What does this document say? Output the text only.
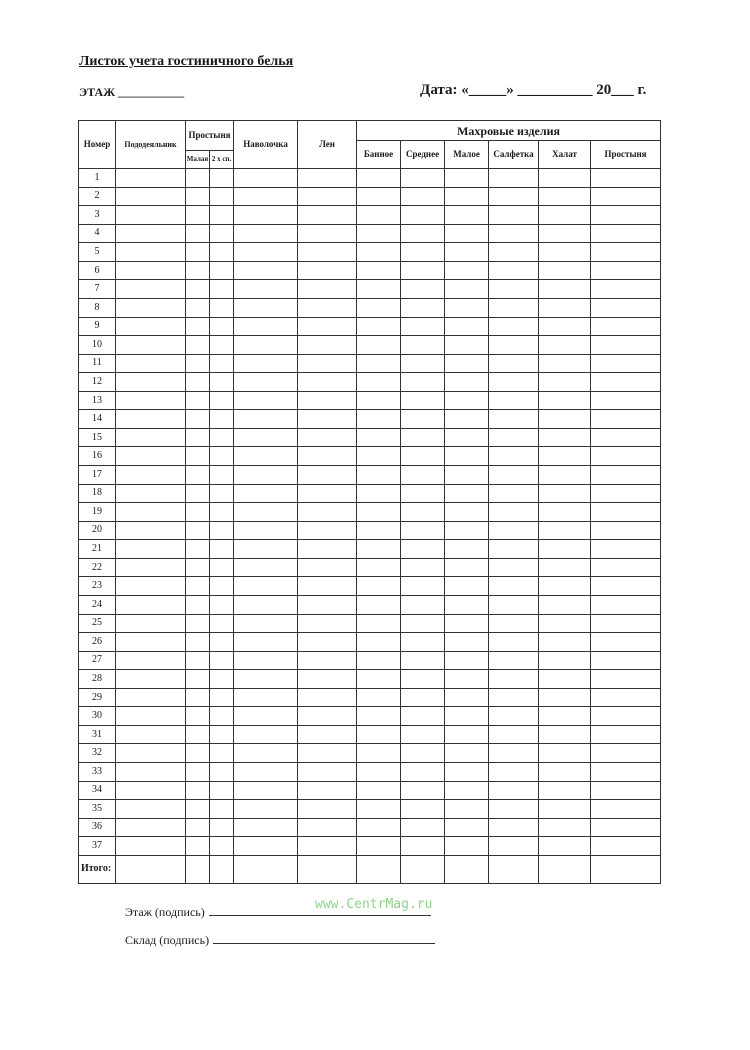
Листок учета гостиничного белья
ЭТАЖ ___________	Дата: «_____» __________ 20___ г.
Номер	Пододеяльник	Простыня		Наволочка	Лен	Махровые изделия					
						Банное	Среднее	Малое	Салфетка	Халат	Простыня
		Малая	2 х сп.								
1											
2											
3											
4											
5											
6											
7											
8											
9											
10											
11											
12											
13											
14											
15											
16											
17											
18											
19											
20											
21											
22											
23											
24											
25											
26											
27											
28											
29											
30											
31											
32											
33											
34											
35											
36											
37											
Итого:											
Этаж (подпись)
Склад (подпись)
www.CentrMag.ru
